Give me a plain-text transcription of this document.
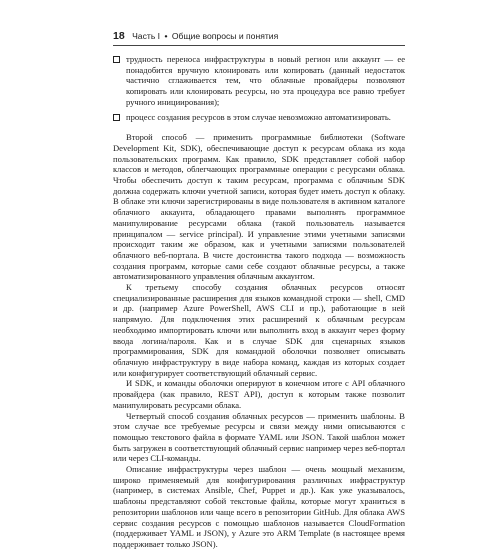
18 Часть I • Общие вопросы и понятия
трудность переноса инфраструктуры в новый регион или аккаунт — ее понадобится вручную клонировать или копировать (данный недостаток частично сглаживается тем, что облачные провайдеры позволяют копировать или клонировать ресурсы, но эта процедура все равно требует ручного инициирования);
процесс создания ресурсов в этом случае невозможно автоматизировать.

Второй способ — применить программные библиотеки (Software Development Kit, SDK), обеспечивающие доступ к ресурсам облака из кода пользовательских программ. Как правило, SDK представляет собой набор классов и методов, облегчающих программные операции с ресурсами облака. Чтобы обеспечить доступ к таким ресурсам, программа с облачным SDK должна содержать ключи учетной записи, которая будет иметь доступ к облаку. В облаке эти ключи зарегистрированы в виде пользователя в активном каталоге облачного аккаунта, обладающего правами выполнять программное манипулирование ресурсами облака (такой пользователь называется принципалом — service principal). И управление этими учетными записями происходит таким же образом, как и учетными записями пользователей облачного веб-портала. В чисте достоинства такого подхода — возможность создания программ, которые сами себе создают облачные ресурсы, а также автоматизированного управления облачным аккаунтом.

К третьему способу создания облачных ресурсов относят специализированные расширения для языков командной строки — shell, CMD и др. (например Azure PowerShell, AWS CLI и пр.), работающие в ней напрямую. Для подключения этих расширений к облачным ресурсам необходимо импортировать ключи или выполнить вход в аккаунт через форму ввода логина/пароля. Как и в случае SDK для сценарных языков программирования, SDK для командной оболочки позволяет описывать облачную инфраструктуру в виде набора команд, каждая из которых создает или конфигурирует соответствующий облачный сервис.

И SDK, и команды оболочки оперируют в конечном итоге с API облачного провайдера (как правило, REST API), доступ к которым также позволит манипулировать ресурсами облака.

Четвертый способ создания облачных ресурсов — применить шаблоны. В этом случае все требуемые ресурсы и связи между ними описываются с помощью текстового файла в формате YAML или JSON. Такой шаблон может быть загружен в соответствующий облачный сервис например через веб-портал или через CLI-команды.

Описание инфраструктуры через шаблон — очень мощный механизм, широко применяемый для конфигурирования различных инфраструктур (например, в системах Ansible, Chef, Puppet и др.). Как уже указывалось, шаблоны представляют собой текстовые файлы, которые могут храниться в репозитории шаблонов или чаще всего в репозитории GitHub. Для облака AWS сервис создания ресурсов с помощью шаблонов называется CloudFormation (поддерживает YAML и JSON), у Azure это ARM Template (в настоящее время поддерживает только JSON).
